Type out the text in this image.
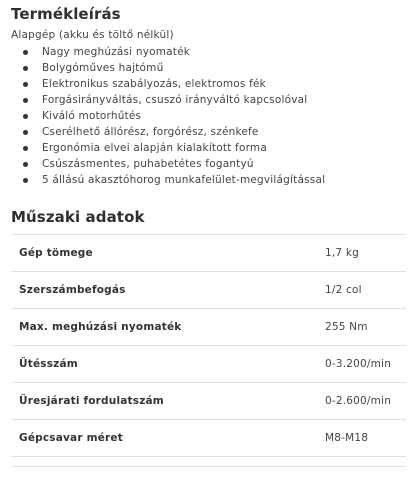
Termékleírás
Alapgép (akku és töltő nélkül)
Nagy meghúzási nyomaték
Bolygóműves hajtómű
Elektronikus szabályozás, elektromos fék
Forgásirányváltás, csuszó irányváltó kapcsolóval
Kiváló motorhűtés
Cserélhető állórész, forgórész, szénkefe
Ergonómia elvei alapján kialakított forma
Csúszásmentes, puhabetétes fogantyú
5 állású akasztóhorog munkafelület-megvilágítással
Műszaki adatok
Gép tömege	1,7 kg
Szerszámbefogás	1/2 col
Max. meghúzási nyomaték	255 Nm
Ütésszám	0-3.200/min
Üresjárati fordulatszám	0-2.600/min
Gépcsavar méret	M8-M18
